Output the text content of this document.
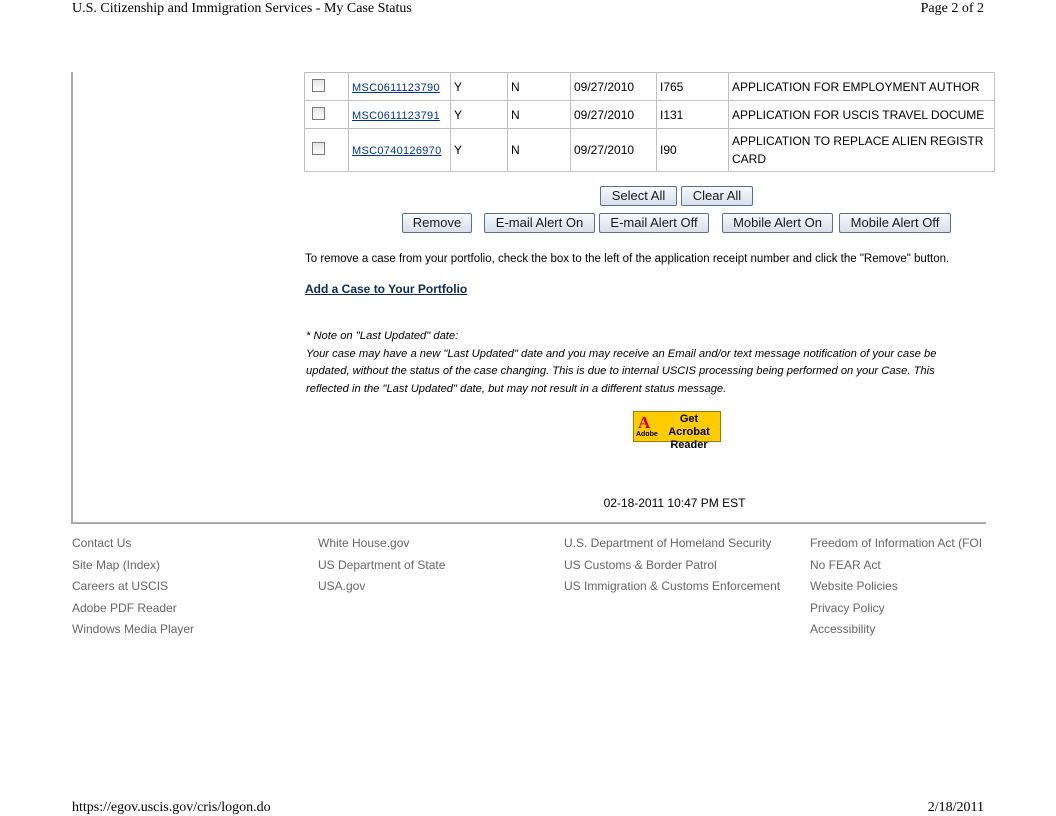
U.S. Citizenship and Immigration Services - My Case Status	Page 2 of 2
	MSC0611123790	Y	N	09/27/2010	I765	APPLICATION FOR EMPLOYMENT AUTHOR
	MSC0611123791	Y	N	09/27/2010	I131	APPLICATION FOR USCIS TRAVEL DOCUME
	MSC0740126970	Y	N	09/27/2010	I90	APPLICATION TO REPLACE ALIEN REGISTR CARD
Select All	Clear All
Remove	E-mail Alert On	E-mail Alert Off	Mobile Alert On	Mobile Alert Off
To remove a case from your portfolio, check the box to the left of the application receipt number and click the "Remove" button.
Add a Case to Your Portfolio
* Note on "Last Updated" date:
Your case may have a new "Last Updated" date and you may receive an Email and/or text message notification of your case be
updated, without the status of the case changing. This is due to internal USCIS processing being performed on your Case. This
reflected in the "Last Updated" date, but may not result in a different status message.
A
Adobe
Get Acrobat
Reader
02-18-2011 10:47 PM EST
Contact Us
Site Map (Index)
Careers at USCIS
Adobe PDF Reader
Windows Media Player
White House.gov
US Department of State
USA.gov
U.S. Department of Homeland Security
US Customs & Border Patrol
US Immigration & Customs Enforcement
Freedom of Information Act (FOI
No FEAR Act
Website Policies
Privacy Policy
Accessibility
https://egov.uscis.gov/cris/logon.do	2/18/2011
